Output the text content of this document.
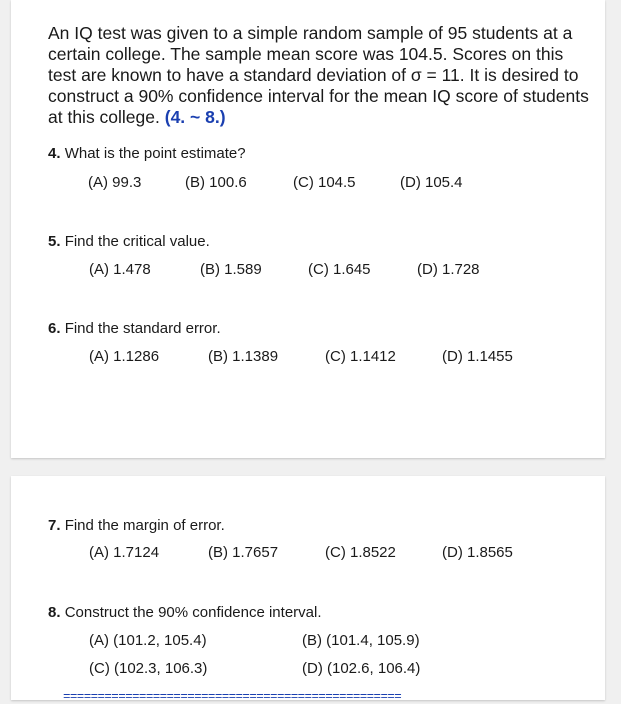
An IQ test was given to a simple random sample of 95 students at a certain college. The sample mean score was 104.5. Scores on this test are known to have a standard deviation of σ = 11. It is desired to construct a 90% confidence interval for the mean IQ score of students at this college. (4. ~ 8.)

4. What is the point estimate?

(A) 99.3	(B) 100.6	(C) 104.5	(D) 105.4

5. Find the critical value.

(A) 1.478	(B) 1.589	(C) 1.645	(D) 1.728

6. Find the standard error.

(A) 1.1286	(B) 1.1389	(C) 1.1412	(D) 1.1455

7. Find the margin of error.

(A) 1.7124	(B) 1.7657	(C) 1.8522	(D) 1.8565

8. Construct the 90% confidence interval.

(A) (101.2, 105.4)	(B) (101.4, 105.9)
(C) (102.3, 106.3)	(D) (102.6, 106.4)
=================================================
